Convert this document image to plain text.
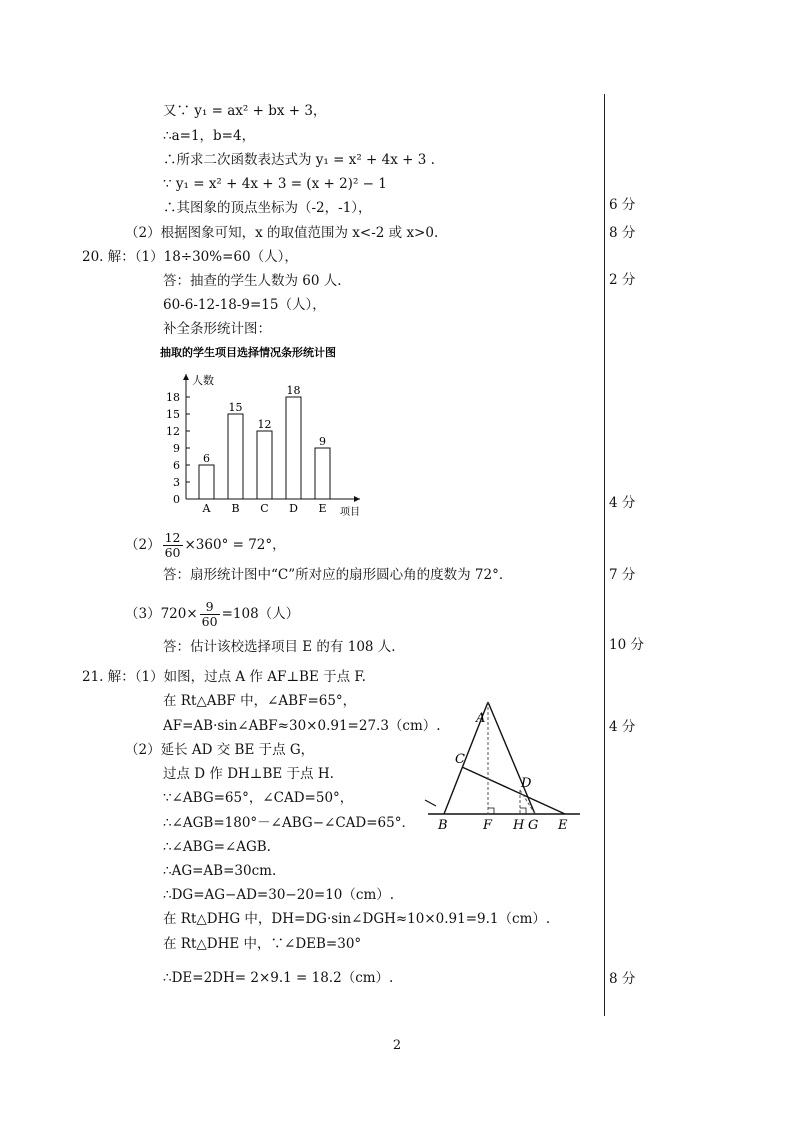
又∵ y₁ = ax² + bx + 3，
∴a=1，b=4，
∴所求二次函数表达式为 y₁ = x² + 4x + 3 .
∵ y₁ = x² + 4x + 3 = (x + 2)² − 1
∴其图象的顶点坐标为（-2，-1），
（2）根据图象可知，x 的取值范围为 x<-2 或 x>0.
20. 解：（1）18÷30%=60（人），
答：抽查的学生人数为 60 人.
60-6-12-18-9=15（人），
补全条形统计图：
抽取的学生项目选择情况条形统计图
人数
项目
0
3
6
9
12
15
18
6
A
15
B
12
C
18
D
9
E
$(2) \frac{12}{60} \times 360^\circ = 72^\circ$，
答：扇形统计图中“C”所对应的扇形圆心角的度数为 72°．
$(3)720\times \frac{9}{60} =108$（人）
答：估计该校选择项目 E 的有 108 人.
21. 解：（1）如图，过点 A 作 AF⊥BE 于点 F.
在 Rt△ABF 中，∠ABF=65°，
AF=AB·sin∠ABF≈30×0.91=27.3（cm）.
（2）延长 AD 交 BE 于点 G，
过点 D 作 DH⊥BE 于点 H.
∵∠ABG=65°，∠CAD=50°，
∴∠AGB=180°－∠ABG−∠CAD=65°．
∴∠ABG=∠AGB.
∴AG=AB=30cm.
∴DG=AG−AD=30−20=10（cm）.
在 Rt△DHG 中，DH=DG·sin∠DGH≈10×0.91=9.1（cm）.
在 Rt△DHE 中，∵∠DEB=30°
∴DE=2DH= 2×9.1 = 18.2（cm）.
A
C
D
B	F H G E
6 分
8 分
2 分
4 分
7 分
10 分
4 分
8 分
2
